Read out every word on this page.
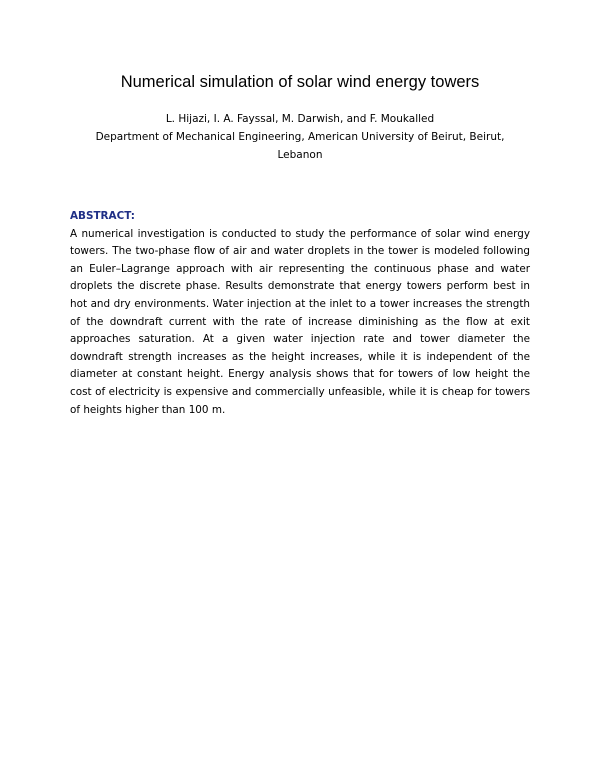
Numerical simulation of solar wind energy towers
L. Hijazi, I. A. Fayssal, M. Darwish, and F. Moukalled
Department of Mechanical Engineering, American University of Beirut, Beirut,
Lebanon

ABSTRACT:

A numerical investigation is conducted to study the performance of solar wind energy towers. The two-phase flow of air and water droplets in the tower is modeled following an Euler–Lagrange approach with air representing the continuous phase and water droplets the discrete phase. Results demonstrate that energy towers perform best in hot and dry environments. Water injection at the inlet to a tower increases the strength of the downdraft current with the rate of increase diminishing as the flow at exit approaches saturation. At a given water injection rate and tower diameter the downdraft strength increases as the height increases, while it is independent of the diameter at constant height. Energy analysis shows that for towers of low height the cost of electricity is expensive and commercially unfeasible, while it is cheap for towers of heights higher than 100 m.
